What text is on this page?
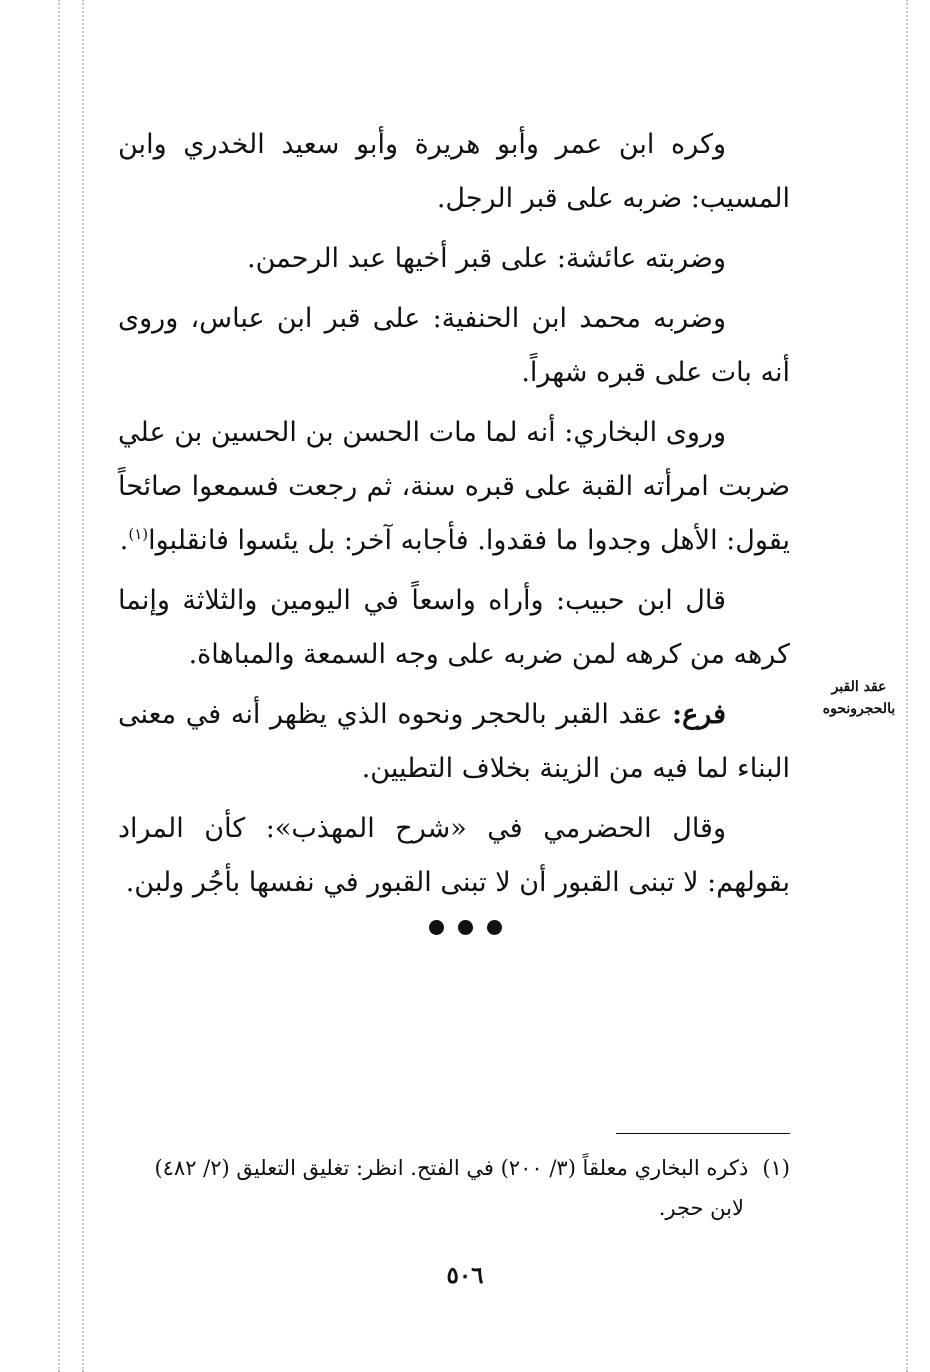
وكره ابن عمر وأبو هريرة وأبو سعيد الخدري وابن المسيب: ضربه على قبر الرجل.

وضربته عائشة: على قبر أخيها عبد الرحمن.

وضربه محمد ابن الحنفية: على قبر ابن عباس، وروى أنه بات على قبره شهراً.

وروى البخاري: أنه لما مات الحسن بن الحسين بن علي ضربت امرأته القبة على قبره سنة، ثم رجعت فسمعوا صائحاً يقول: الأهل وجدوا ما فقدوا. فأجابه آخر: بل يئسوا فانقلبوا$^{(١)}$.

قال ابن حبيب: وأراه واسعاً في اليومين والثلاثة وإنما كرهه من كرهه لمن ضربه على وجه السمعة والمباهاة.

فرع: عقد القبر بالحجر ونحوه الذي يظهر أنه في معنى البناء لما فيه من الزينة بخلاف التطيين.

وقال الحضرمي في «شرح المهذب»: كأن المراد بقولهم: لا تبنى القبور أن لا تبنى القبور في نفسها بأجُر ولبن.

عقد القبر
بالحجرونحوه
(١)ذكره البخاري معلقاً (٣/ ٢٠٠) في الفتح. انظر: تغليق التعليق (٢/ ٤٨٢)
لابن حجر.
٥٠٦
